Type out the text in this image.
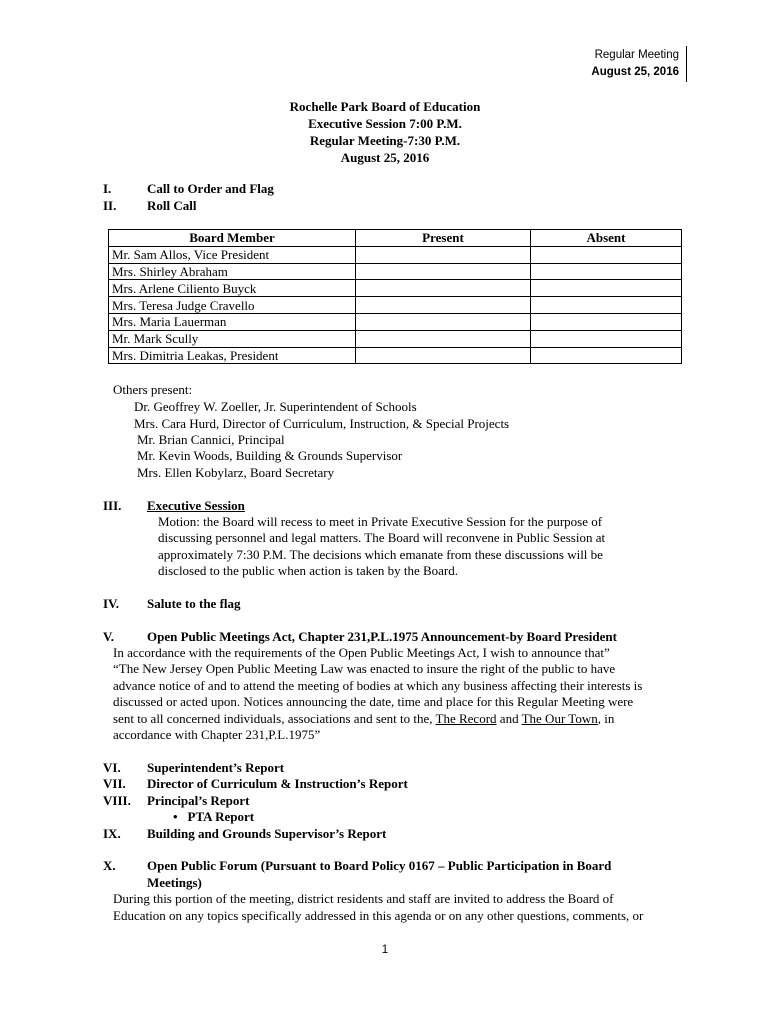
Regular Meeting
August 25, 2016
Rochelle Park Board of Education
Executive Session 7:00 P.M.
Regular Meeting-7:30 P.M.
August 25, 2016
I.	Call to Order and Flag
II. Roll Call
Board Member	Present	Absent
Mr. Sam Allos, Vice President		
Mrs. Shirley Abraham		
Mrs. Arlene Ciliento Buyck		
Mrs. Teresa Judge Cravello		
Mrs. Maria Lauerman		
Mr. Mark Scully		
Mrs. Dimitria Leakas, President		
Others present:
Dr. Geoffrey W. Zoeller, Jr. Superintendent of Schools
Mrs. Cara Hurd, Director of Curriculum, Instruction, & Special Projects
Mr. Brian Cannici, Principal
Mr. Kevin Woods, Building & Grounds Supervisor
Mrs. Ellen Kobylarz, Board Secretary
III. Executive Session
Motion: the Board will recess to meet in Private Executive Session for the purpose of
discussing personnel and legal matters. The Board will reconvene in Public Session at
approximately 7:30 P.M. The decisions which emanate from these discussions will be
disclosed to the public when action is taken by the Board.
IV. Salute to the flag
V.	Open Public Meetings Act, Chapter 231,P.L.1975 Announcement-by Board President
In accordance with the requirements of the Open Public Meetings Act, I wish to announce that”
“The New Jersey Open Public Meeting Law was enacted to insure the right of the public to have
advance notice of and to attend the meeting of bodies at which any business affecting their interests is
discussed or acted upon. Notices announcing the date, time and place for this Regular Meeting were
sent to all concerned individuals, associations and sent to the, The Record and The Our Town, in
accordance with Chapter 231,P.L.1975”
VI. Superintendent’s Report
VII. Director of Curriculum & Instruction’s Report
VIII. Principal’s Report
• PTA Report
IX. Building and Grounds Supervisor’s Report
X. Open Public Forum (Pursuant to Board Policy 0167 – Public Participation in Board
Meetings)
During this portion of the meeting, district residents and staff are invited to address the Board of
Education on any topics specifically addressed in this agenda or on any other questions, comments, or
1
